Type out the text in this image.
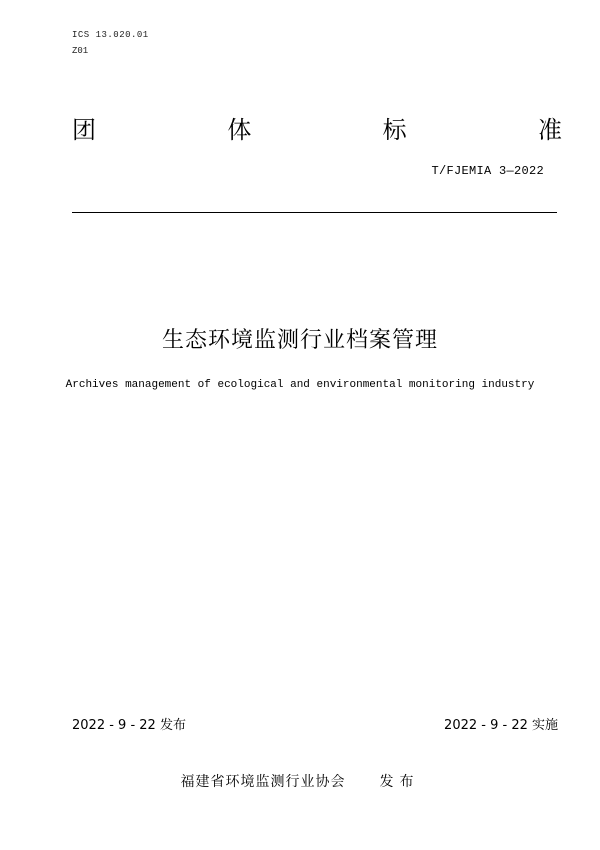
ICS 13.020.01
Z01
团	体	标	准
T/FJEMIA 3—2022
生态环境监测行业档案管理
Archives management of ecological and environmental monitoring industry
2022 - 9 - 22 发布	2022 - 9 - 22 实施
福建省环境监测行业协会 发布
